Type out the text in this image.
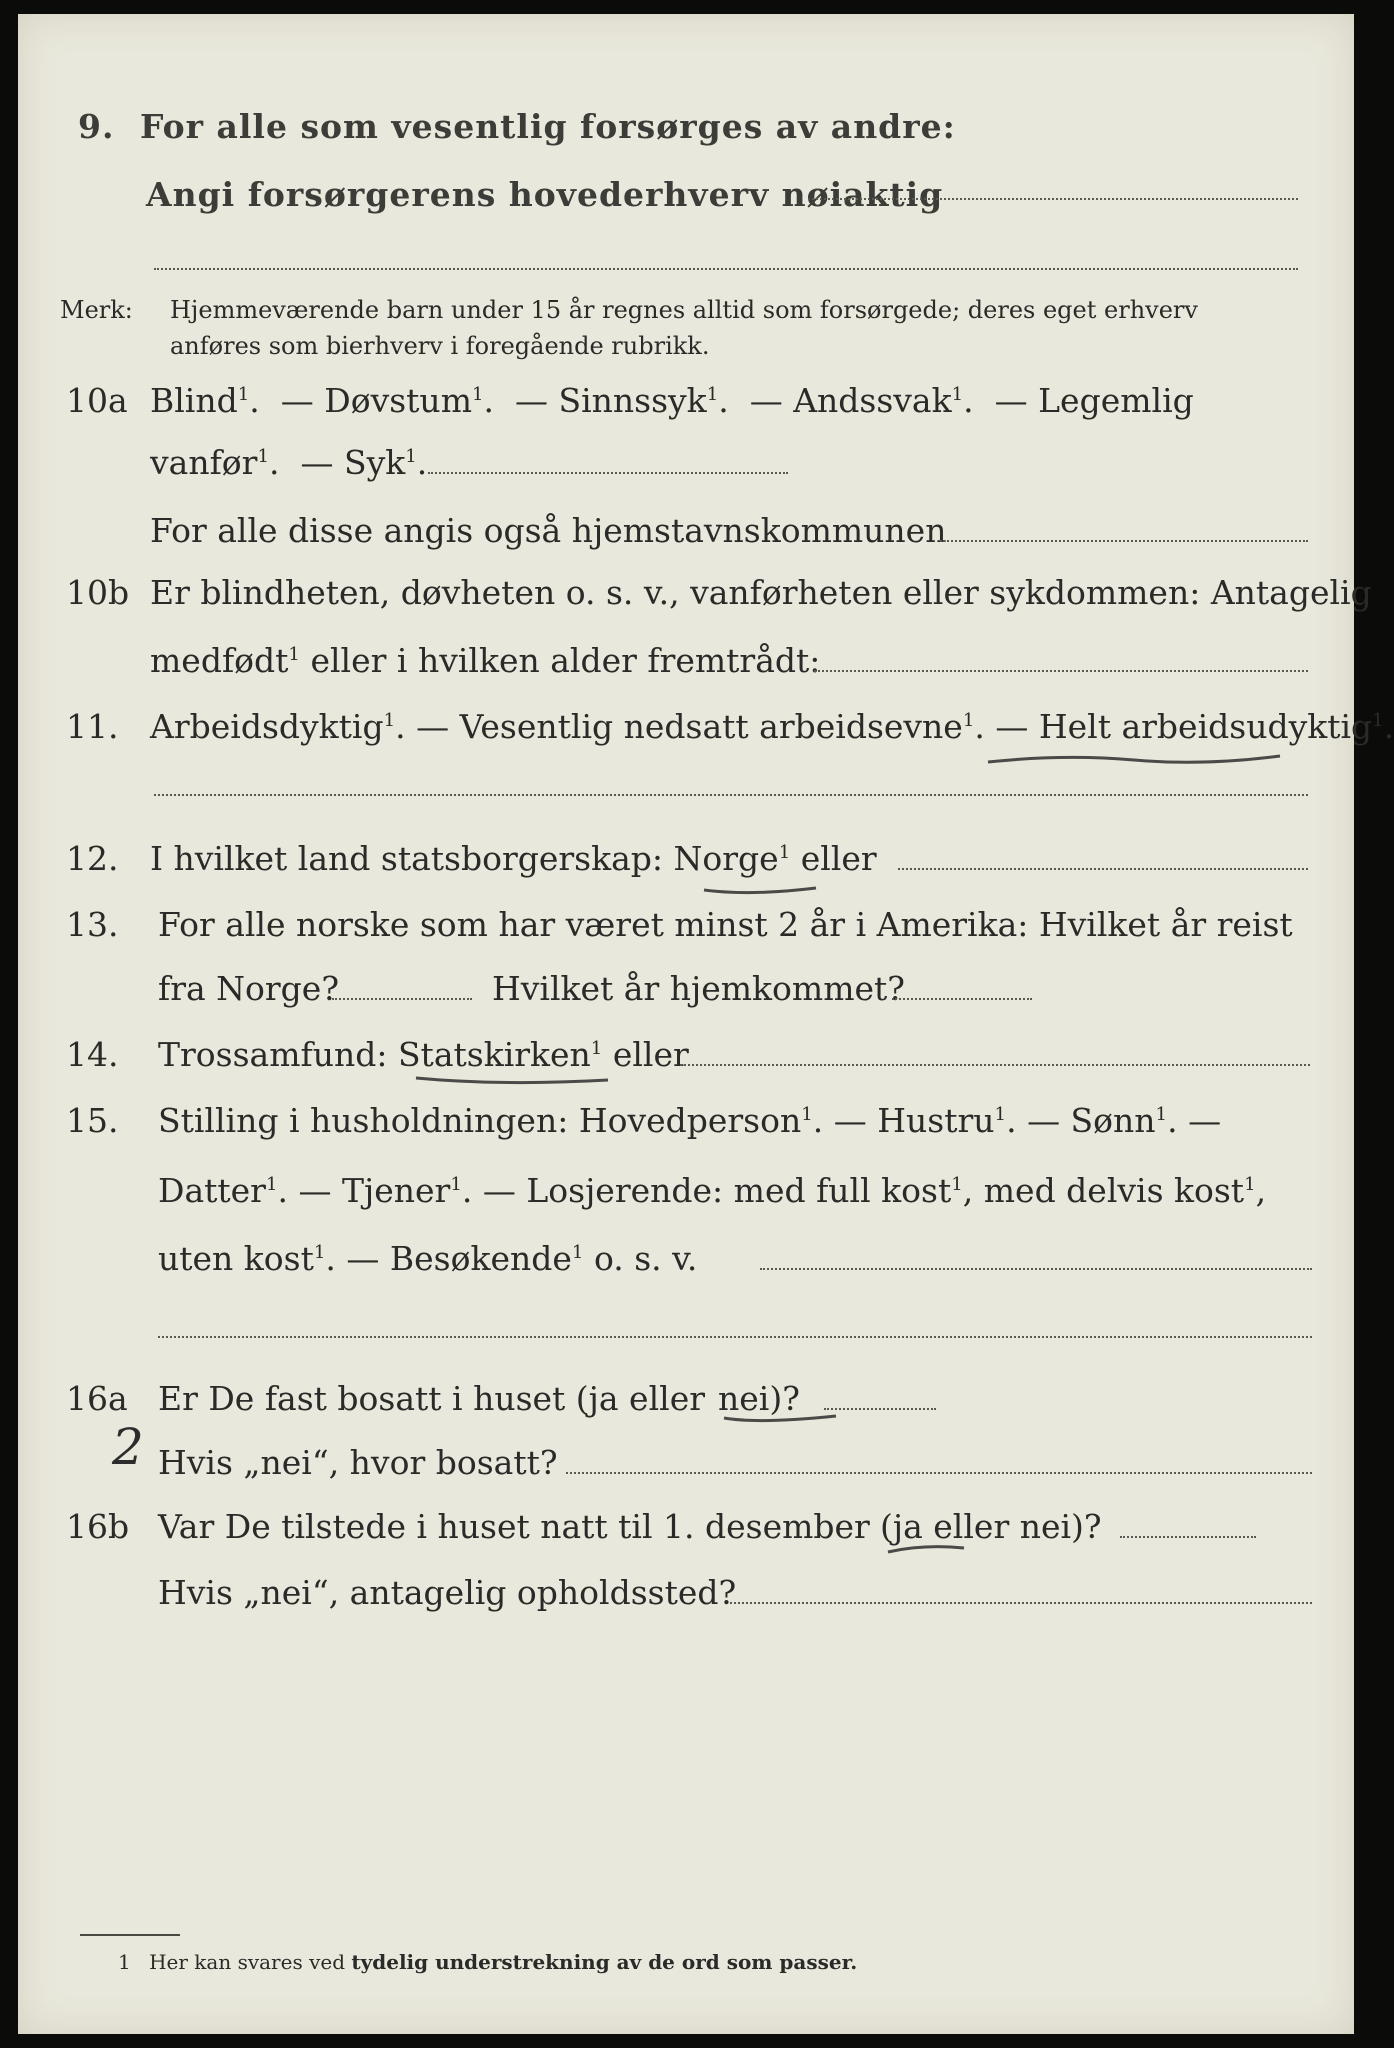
9. For alle som vesentlig forsørges av andre:
Angi forsørgerens hovederhverv nøiaktig
Merk: Hjemmeværende barn under 15 år regnes alltid som forsørgede; deres eget erhverv
anføres som bierhverv i foregående rubrikk.
10a Blind$^1$.  — Døvstum$^1$.  — Sinnssyk$^1$.  — Andssvak$^1$.  — Legemlig
vanfør$^1$.  — Syk$^1$.
For alle disse angis også hjemstavnskommunen
10b Er blindheten, døvheten o. s. v., vanførheten eller sykdommen: Antagelig
medfødt$^1$ eller i hvilken alder fremtrådt:
11. Arbeidsdyktig$^1$. — Vesentlig nedsatt arbeidsevne$^1$. — Helt arbeidsudyktig$^1$.
12. I hvilket land statsborgerskap: Norge$^1$ eller
13. For alle norske som har været minst 2 år i Amerika: Hvilket år reist
fra Norge?	Hvilket år hjemkommet?
14. Trossamfund: Statskirken$^1$ eller
15. Stilling i husholdningen: Hovedperson$^1$. — Hustru$^1$. — Sønn$^1$. —
Datter$^1$. — Tjener$^1$. — Losjerende: med full kost$^1$, med delvis kost$^1$,
uten kost$^1$. — Besøkende$^1$ o. s. v.
16a Er De fast bosatt i huset (ja eller nei)?
2 Hvis „nei“, hvor bosatt?
16b Var De tilstede i huset natt til 1. desember (ja eller nei)?
Hvis „nei“, antagelig opholdssted?
1 Her kan svares ved tydelig understrekning av de ord som passer.
